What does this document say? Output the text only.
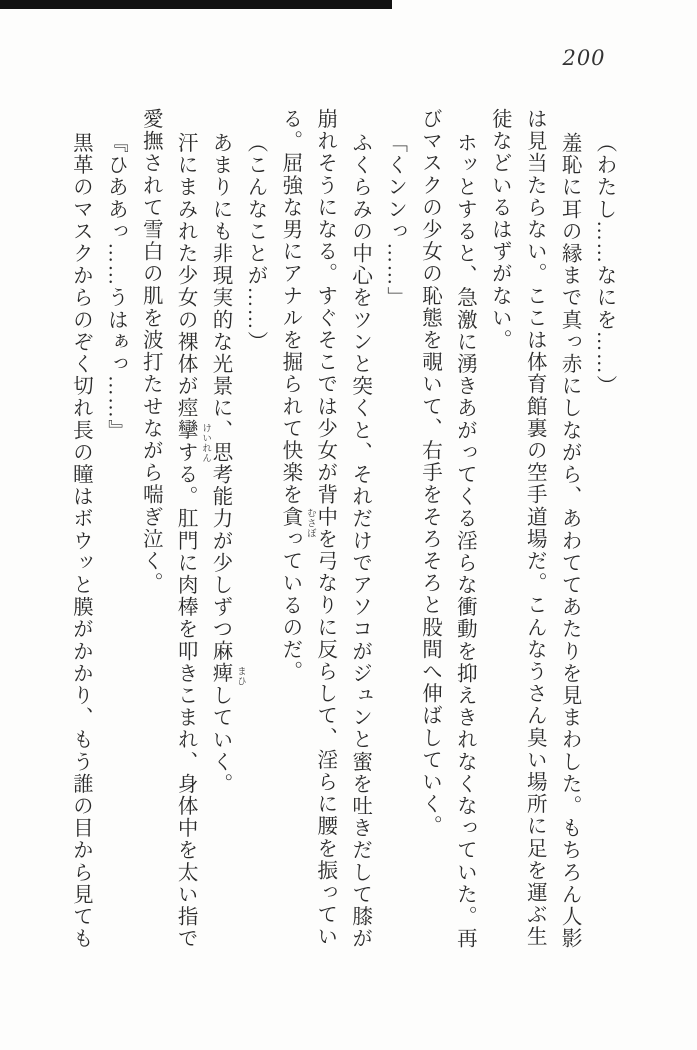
200

（わたし……なにを……）

羞恥に耳の縁まで真っ赤にしながら、あわててあたりを見まわした。もちろん人影

は見当たらない。ここは体育館裏の空手道場だ。こんなうさん臭い場所に足を運ぶ生

徒などいるはずがない。

ホッとすると、急激に湧きあがってくる淫らな衝動を抑えきれなくなっていた。再

びマスクの少女の恥態を覗いて、右手をそろそろと股間へ伸ばしていく。

「くンンっ……」

ふくらみの中心をツンと突くと、それだけでアソコがジュンと蜜を吐きだして膝が

崩れそうになる。すぐそこでは少女が背中を弓なりに反らして、淫らに腰を振ってい

る。屈強な男にアナルを掘られて快楽を貪 むさぼ
っているのだ。

（こんなことが……）

あまりにも非現実的な光景に、思考能力が少しずつ麻痺 まひ
していく。

汗にまみれた少女の裸体が痙攣
けいれん
する。肛門に肉棒を叩きこまれ、身体中を太い指で

愛撫されて雪白の肌を波打たせながら喘ぎ泣く。

『ひああっ……うはぁっ……』

黒革のマスクからのぞく切れ長の瞳はボウッと膜がかかり、もう誰の目から見ても
